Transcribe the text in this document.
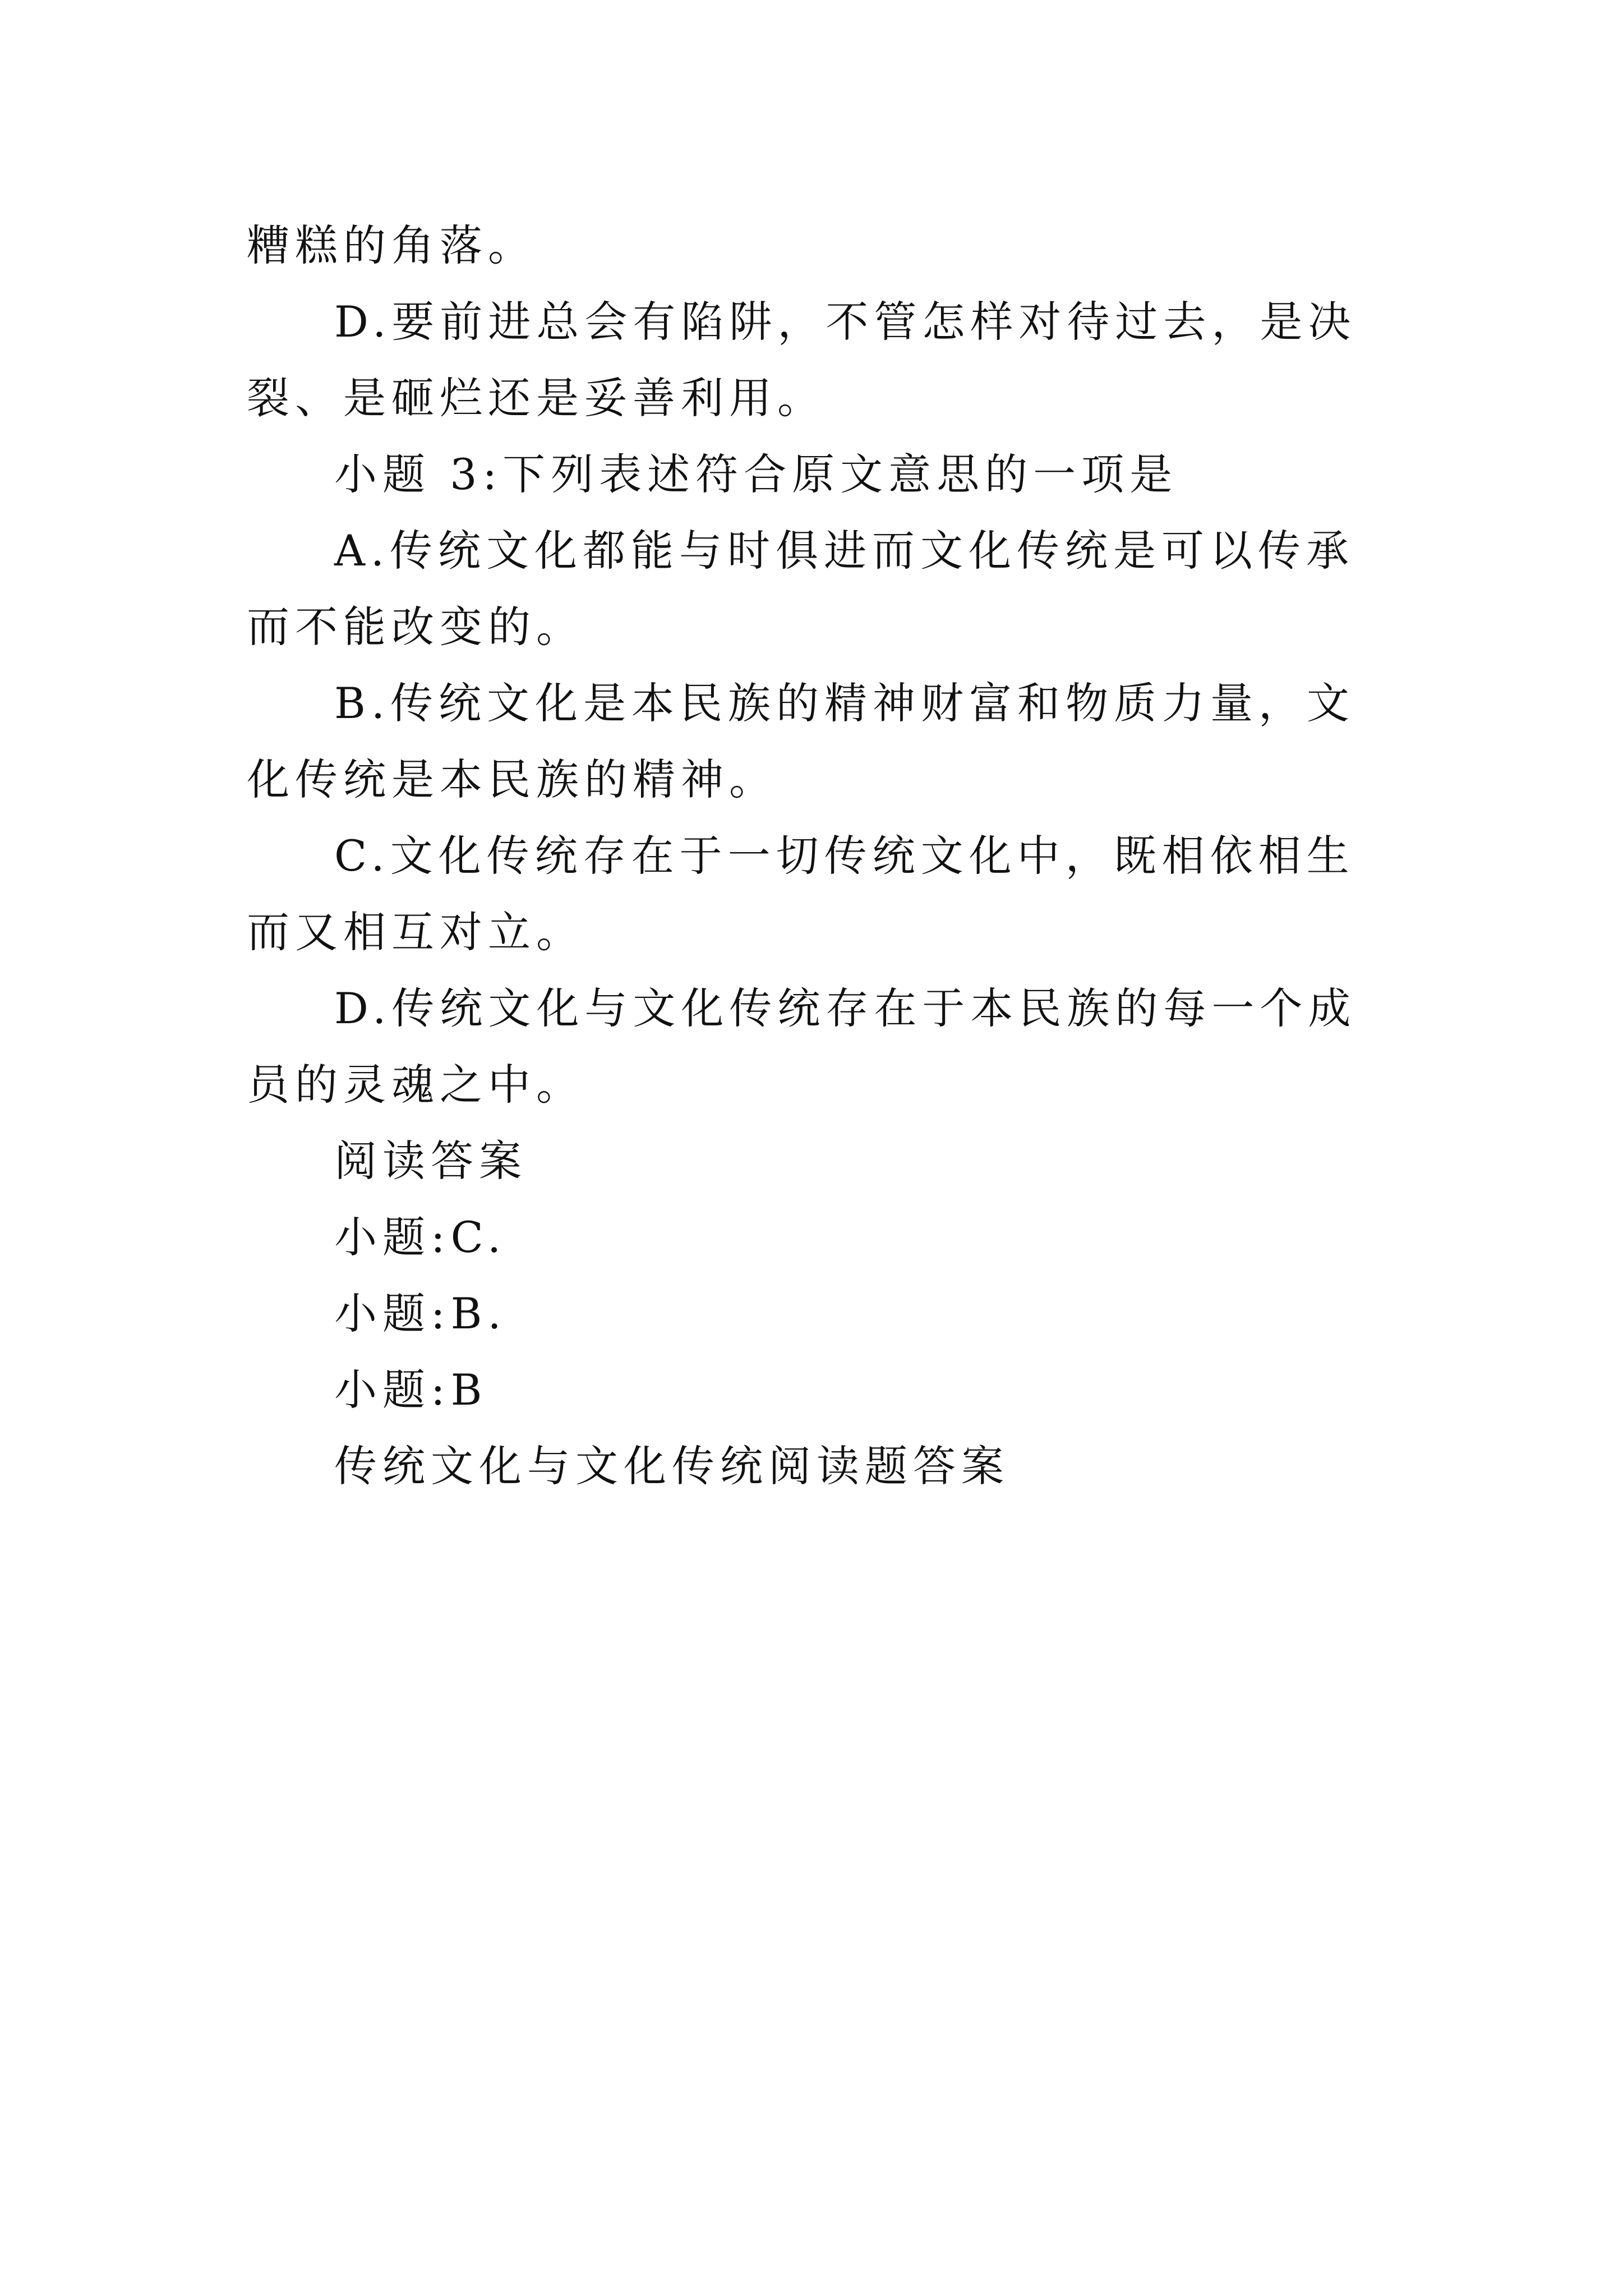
糟糕的角落。

D.要前进总会有陷阱，不管怎样对待过去，是决裂、是砸烂还是妥善利用。

小题 3:下列表述符合原文意思的一项是

A.传统文化都能与时俱进而文化传统是可以传承而不能改变的。

B.传统文化是本民族的精神财富和物质力量，文化传统是本民族的精神。

C.文化传统存在于一切传统文化中，既相依相生而又相互对立。

D.传统文化与文化传统存在于本民族的每一个成员的灵魂之中。

阅读答案

小题:C.

小题:B.

小题:B

传统文化与文化传统阅读题答案
